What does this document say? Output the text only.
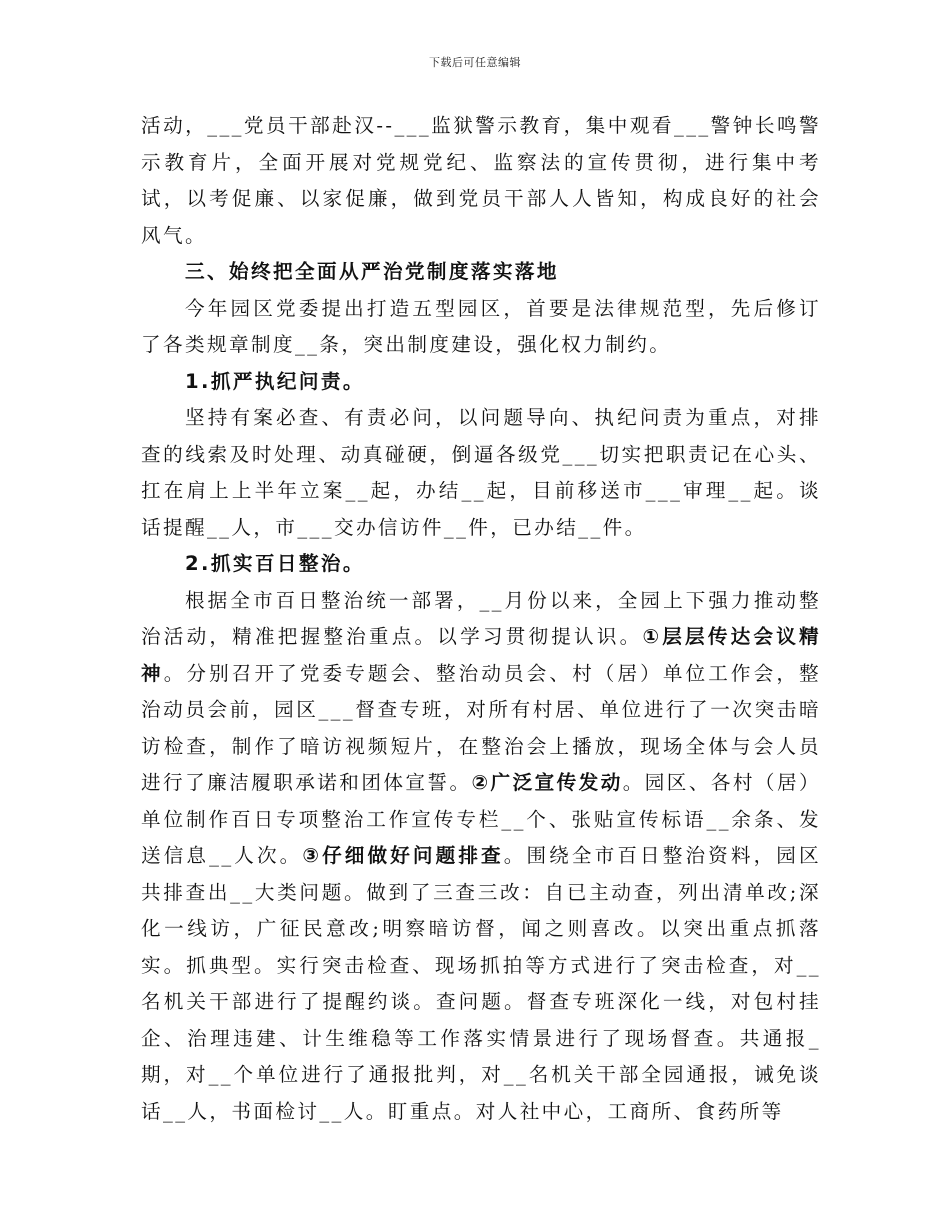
下载后可任意编辑

活动，___党员干部赴汉--___监狱警示教育，集中观看___警钟长鸣警示教育片，全面开展对党规党纪、监察法的宣传贯彻，进行集中考试，以考促廉、以家促廉，做到党员干部人人皆知，构成良好的社会风气。

三、始终把全面从严治党制度落实落地

今年园区党委提出打造五型园区，首要是法律规范型，先后修订了各类规章制度__条，突出制度建设，强化权力制约。

1.抓严执纪问责。

坚持有案必查、有责必问，以问题导向、执纪问责为重点，对排查的线索及时处理、动真碰硬，倒逼各级党___切实把职责记在心头、扛在肩上上半年立案__起，办结__起，目前移送市___审理__起。谈话提醒__人，市___交办信访件__件，已办结__件。

2.抓实百日整治。

根据全市百日整治统一部署，__月份以来，全园上下强力推动整治活动，精准把握整治重点。以学习贯彻提认识。①层层传达会议精神。分别召开了党委专题会、整治动员会、村（居）单位工作会，整治动员会前，园区___督查专班，对所有村居、单位进行了一次突击暗访检查，制作了暗访视频短片，在整治会上播放，现场全体与会人员进行了廉洁履职承诺和团体宣誓。②广泛宣传发动。园区、各村（居）单位制作百日专项整治工作宣传专栏__个、张贴宣传标语__余条、发送信息__人次。③仔细做好问题排查。围绕全市百日整治资料，园区共排查出__大类问题。做到了三查三改：自已主动查，列出清单改;深化一线访，广征民意改;明察暗访督，闻之则喜改。以突出重点抓落实。抓典型。实行突击检查、现场抓拍等方式进行了突击检查，对__名机关干部进行了提醒约谈。查问题。督查专班深化一线，对包村挂企、治理违建、计生维稳等工作落实情景进行了现场督查。共通报_期，对__个单位进行了通报批判，对__名机关干部全园通报，诫免谈话__人，书面检讨__人。盯重点。对人社中心，工商所、食药所等
